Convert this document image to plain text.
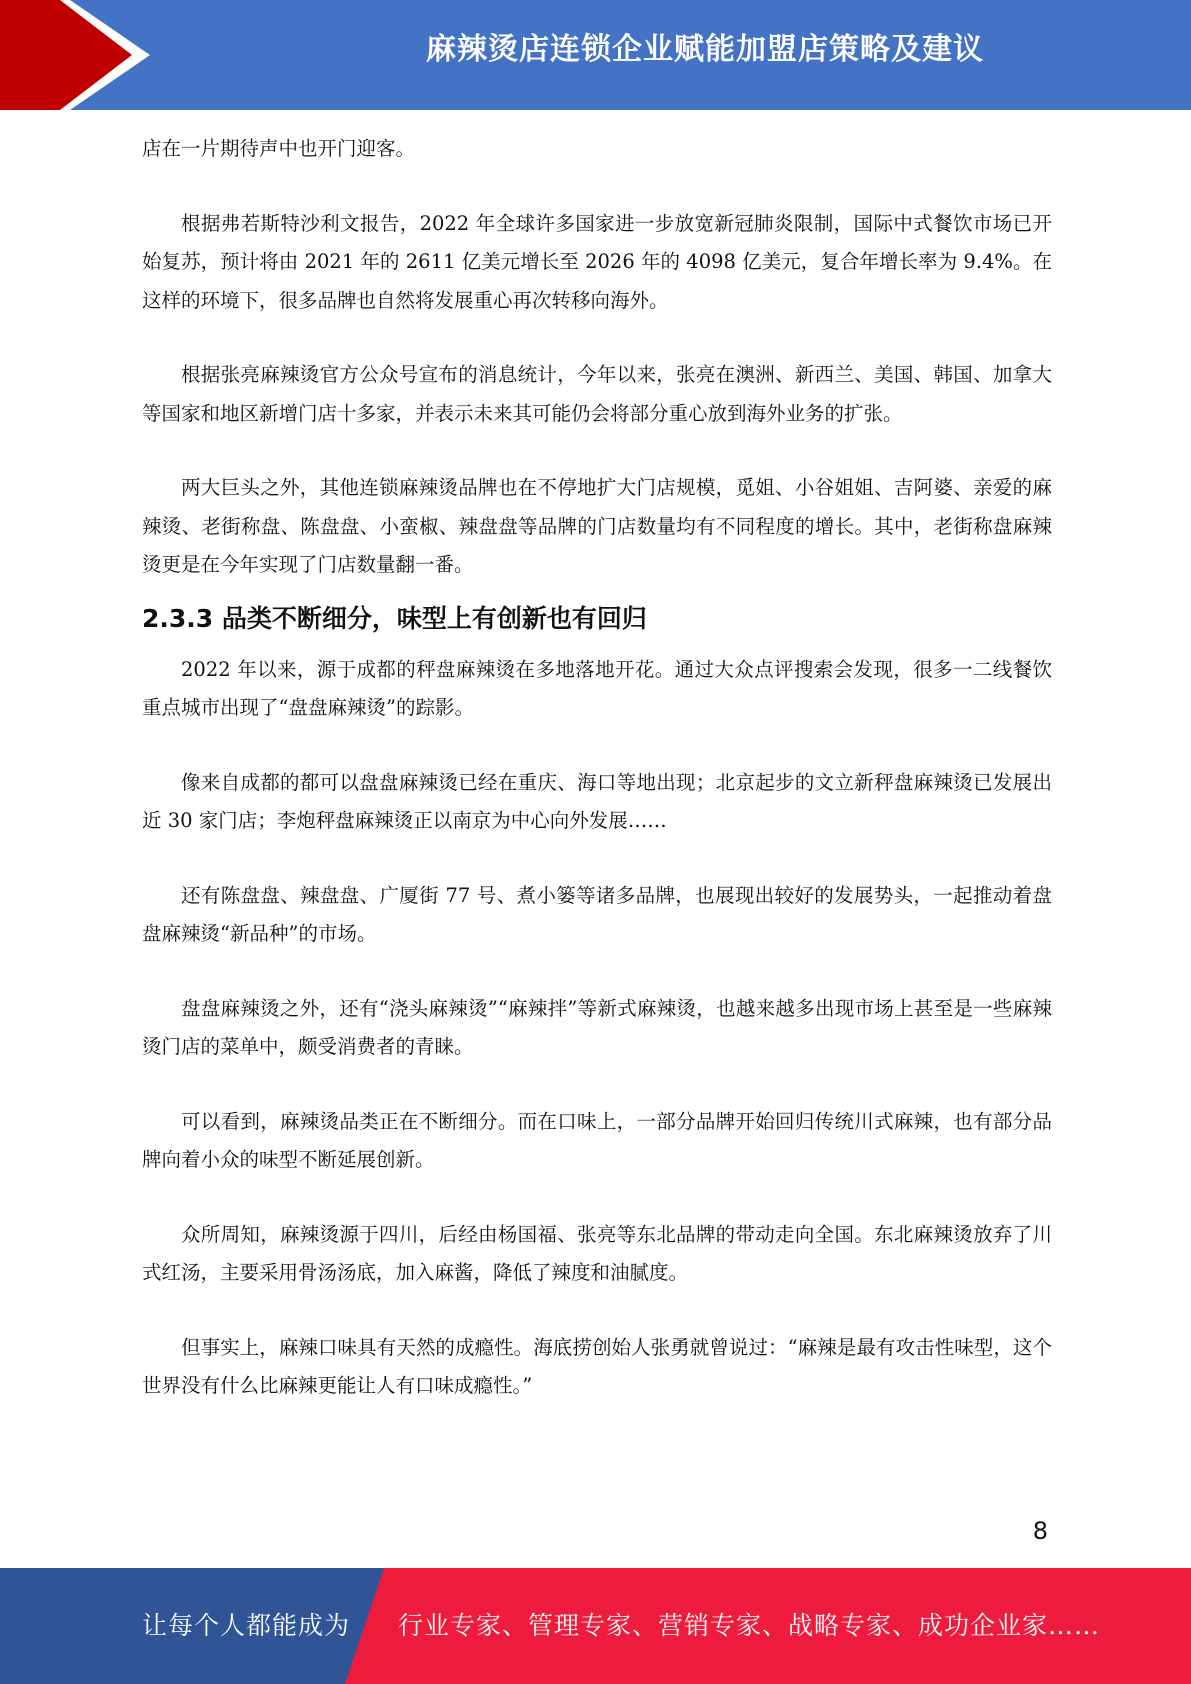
麻辣烫店连锁企业赋能加盟店策略及建议

店在一片期待声中也开门迎客。

根据弗若斯特沙利文报告，2022 年全球许多国家进一步放宽新冠肺炎限制，国际中式餐饮市场已开始复苏，预计将由 2021 年的 2611 亿美元增长至 2026 年的 4098 亿美元，复合年增长率为 9.4%。在这样的环境下，很多品牌也自然将发展重心再次转移向海外。

根据张亮麻辣烫官方公众号宣布的消息统计，今年以来，张亮在澳洲、新西兰、美国、韩国、加拿大等国家和地区新增门店十多家，并表示未来其可能仍会将部分重心放到海外业务的扩张。

两大巨头之外，其他连锁麻辣烫品牌也在不停地扩大门店规模，觅姐、小谷姐姐、吉阿婆、亲爱的麻辣烫、老街称盘、陈盘盘、小蛮椒、辣盘盘等品牌的门店数量均有不同程度的增长。其中，老街称盘麻辣烫更是在今年实现了门店数量翻一番。

2.3.3 品类不断细分，味型上有创新也有回归

2022 年以来，源于成都的秤盘麻辣烫在多地落地开花。通过大众点评搜索会发现，很多一二线餐饮重点城市出现了“盘盘麻辣烫”的踪影。

像来自成都的都可以盘盘麻辣烫已经在重庆、海口等地出现；北京起步的文立新秤盘麻辣烫已发展出近 30 家门店；李炮秤盘麻辣烫正以南京为中心向外发展……

还有陈盘盘、辣盘盘、广厦街 77 号、煮小篓等诸多品牌，也展现出较好的发展势头，一起推动着盘盘麻辣烫“新品种”的市场。

盘盘麻辣烫之外，还有“浇头麻辣烫”“麻辣拌”等新式麻辣烫，也越来越多出现市场上甚至是一些麻辣烫门店的菜单中，颇受消费者的青睐。

可以看到，麻辣烫品类正在不断细分。而在口味上，一部分品牌开始回归传统川式麻辣，也有部分品牌向着小众的味型不断延展创新。

众所周知，麻辣烫源于四川，后经由杨国福、张亮等东北品牌的带动走向全国。东北麻辣烫放弃了川式红汤，主要采用骨汤汤底，加入麻酱，降低了辣度和油腻度。

但事实上，麻辣口味具有天然的成瘾性。海底捞创始人张勇就曾说过：“麻辣是最有攻击性味型，这个世界没有什么比麻辣更能让人有口味成瘾性。”

8
让每个人都能成为 行业专家、管理专家、营销专家、战略专家、成功企业家……
